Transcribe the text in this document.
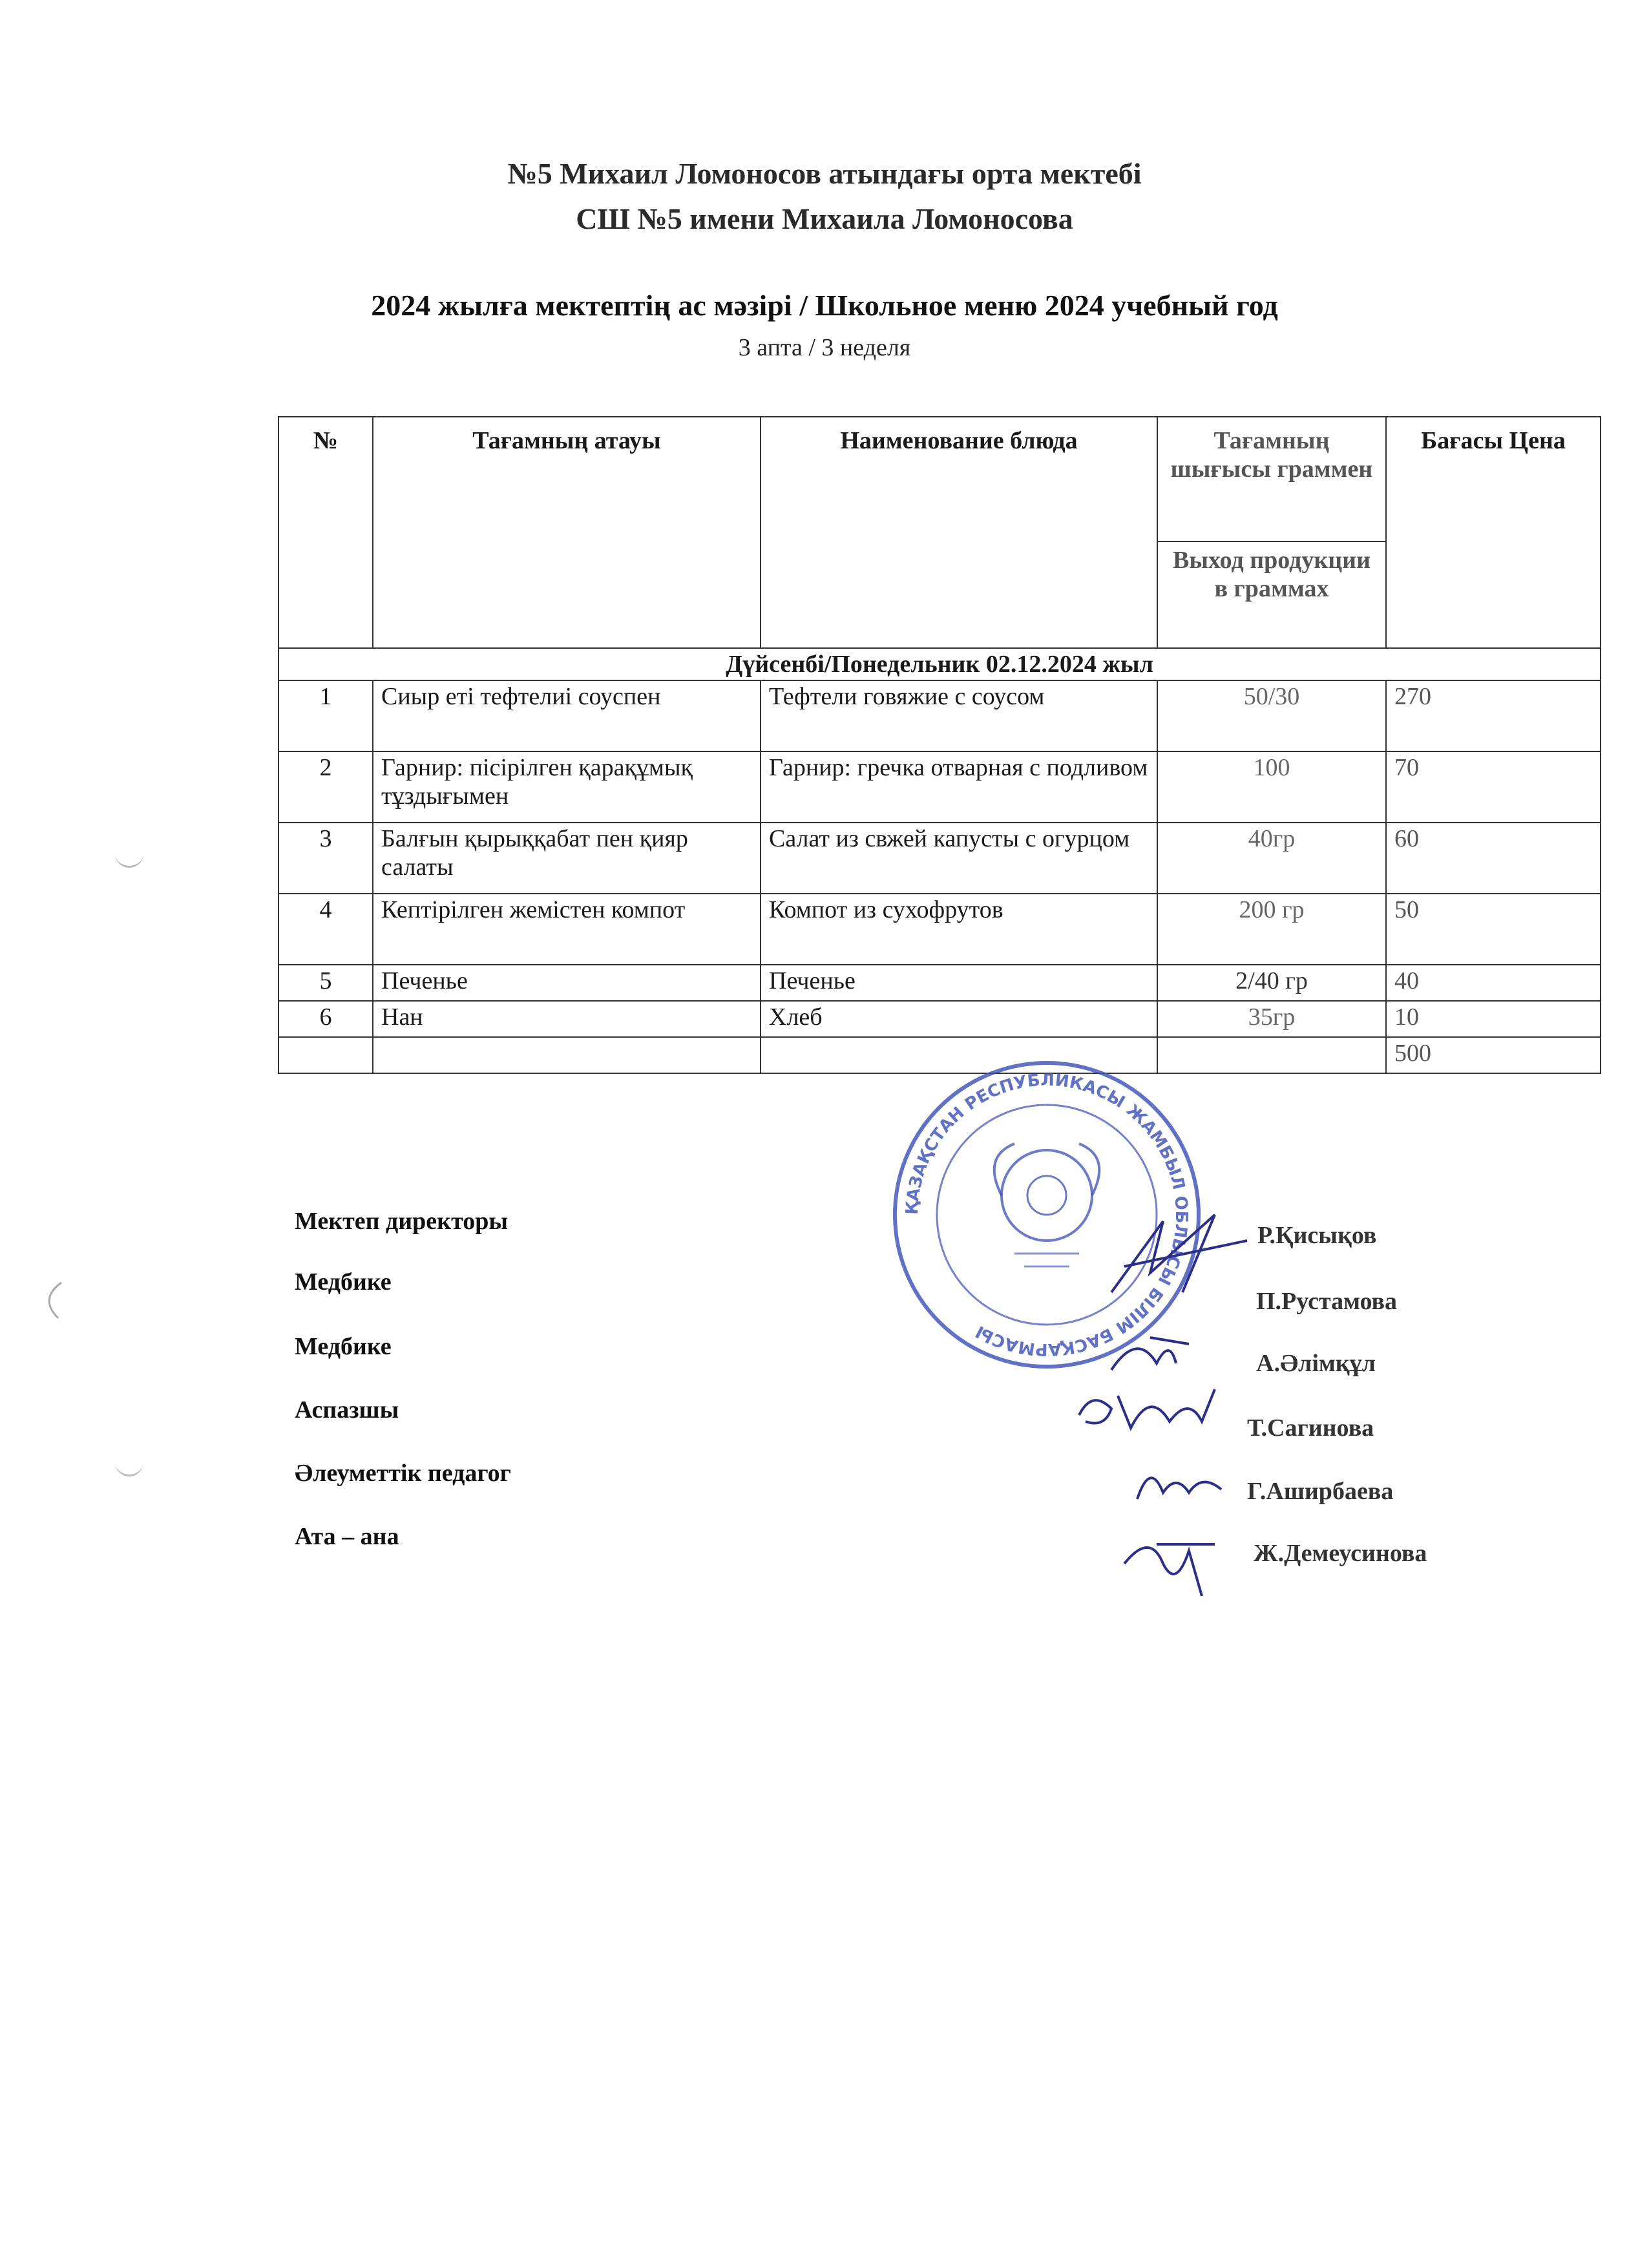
№5 Михаил Ломоносов атындағы орта мектебі
СШ №5 имени Михаила Ломоносова
2024 жылға мектептің ас мәзірі / Школьное меню 2024 учебный год
3 апта / 3 неделя
№	Тағамның атауы	Наименование блюда	Тағамның шығысы граммен	Бағасы Цена
			Выход продукции в граммах	
Дүйсенбі/Понедельник 02.12.2024 жыл				
1	Сиыр еті тефтелиі соуспен	Тефтели говяжие с соусом	50/30	270
2	Гарнир: пісірілген қарақұмық тұздығымен	Гарнир: гречка отварная с подливом	100	70
3	Балғын қырыққабат пен қияр салаты	Салат из свжей капусты с огурцом	40гр	60
4	Кептірілген жемістен компот	Компот из сухофрутов	200 гр	50
5	Печенье	Печенье	2/40 гр	40
6	Нан	Хлеб	35гр	10
				500
ҚАЗАҚСТАН РЕСПУБЛИКАСЫ ЖАМБЫЛ ОБЛЫСЫ БІЛІМ БАСҚАРМАСЫ
Мектеп директоры
Медбике
Медбике
Аспазшы
Әлеуметтік педагог
Ата – ана
Р.Қисықов
П.Рустамова
А.Әлімқұл
Т.Сагинова
Г.Аширбаева
Ж.Демеусинова
